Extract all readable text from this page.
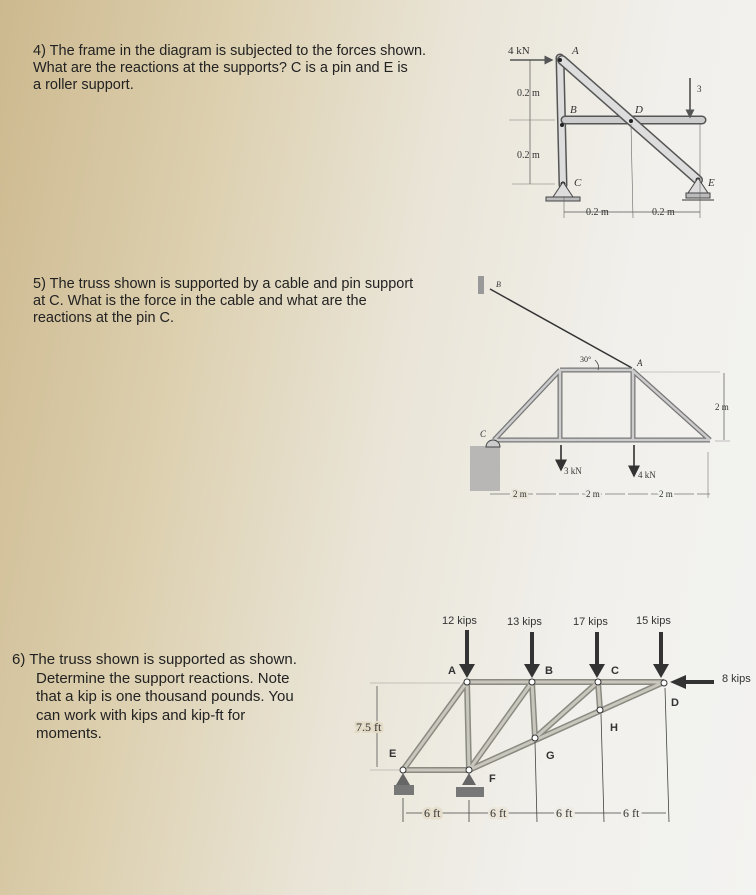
4) The frame in the diagram is subjected to the forces shown.

What are the reactions at the supports? C is a pin and E is

a roller support.

5) The truss shown is supported by a cable and pin support

at C. What is the force in the cable and what are the

reactions at the pin C.

6) The truss shown is supported as shown.

Determine the support reactions. Note

that a kip is one thousand pounds. You

can work with kips and kip-ft for

moments.

4 kN	A
B
C
D
E
3
0.2 m
0.2 m
0.2 m	0.2 m
B
A
C
30°
3 kN	4 kN
2 m
2 m	2 m	2 m
12 kips	13 kips	17 kips	15 kips
8 kips
A	B	C
D
E
F
G
H
7.5 ft
6 ft	6 ft	6 ft	6 ft
